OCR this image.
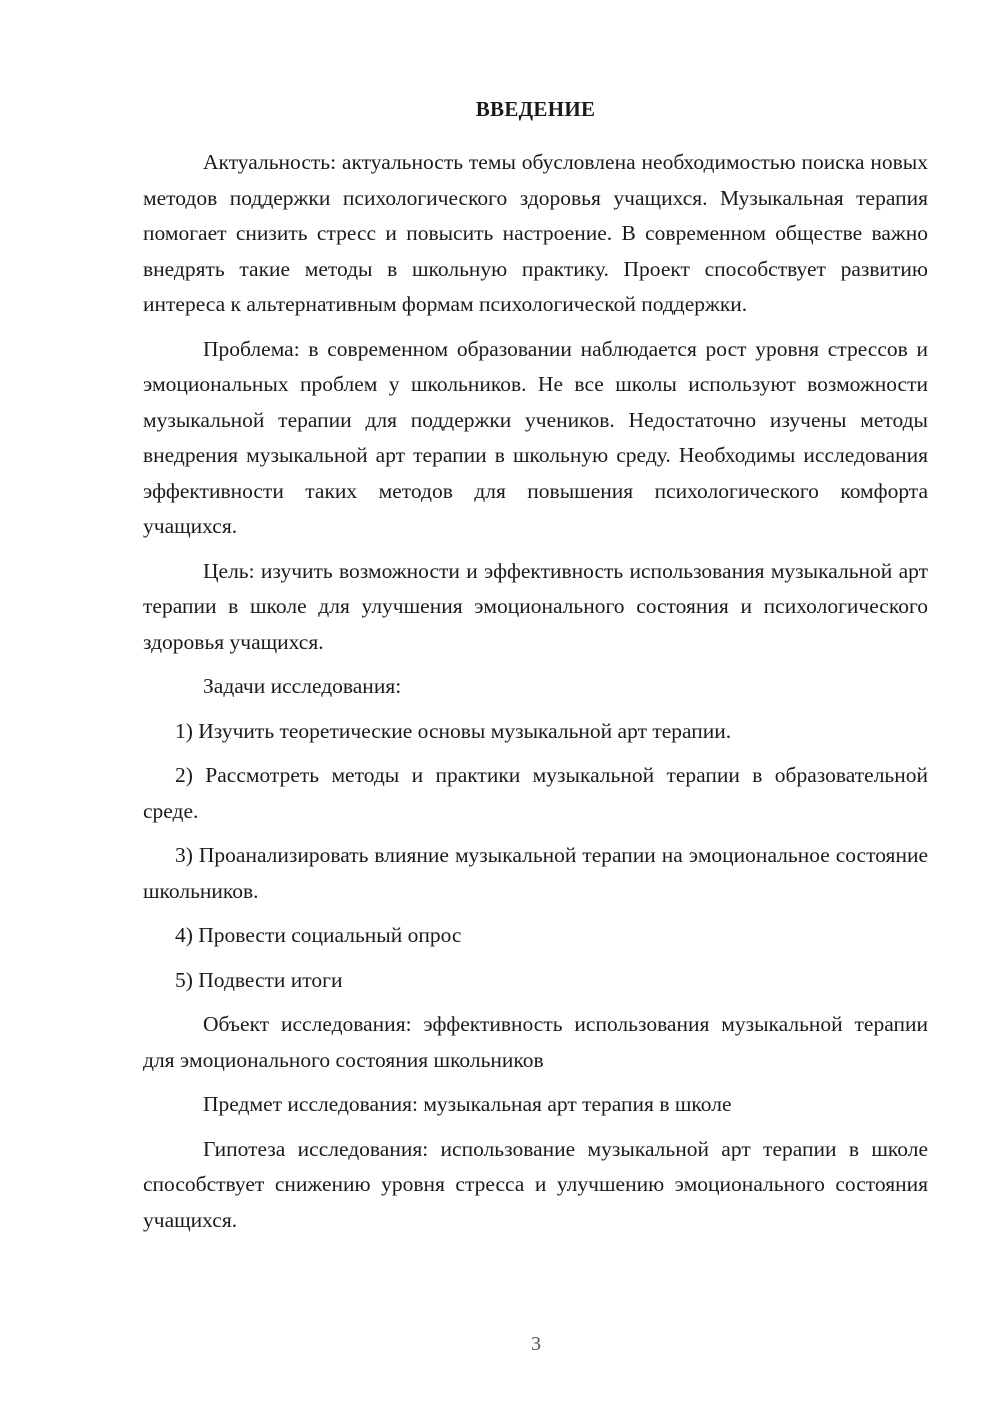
ВВЕДЕНИЕ

Актуальность: актуальность темы обусловлена необходимостью поиска новых методов поддержки психологического здоровья учащихся. Музыкальная терапия помогает снизить стресс и повысить настроение. В современном обществе важно внедрять такие методы в школьную практику. Проект способствует развитию интереса к альтернативным формам психологической поддержки.

Проблема: в современном образовании наблюдается рост уровня стрессов и эмоциональных проблем у школьников. Не все школы используют возможности музыкальной терапии для поддержки учеников. Недостаточно изучены методы внедрения музыкальной арт терапии в школьную среду. Необходимы исследования эффективности таких методов для повышения психологического комфорта учащихся.

Цель: изучить возможности и эффективность использования музыкальной арт терапии в школе для улучшения эмоционального состояния и психологического здоровья учащихся.

Задачи исследования:

1) Изучить теоретические основы музыкальной арт терапии.

2) Рассмотреть методы и практики музыкальной терапии в образовательной среде.

3) Проанализировать влияние музыкальной терапии на эмоциональное состояние школьников.

4) Провести социальный опрос

5) Подвести итоги

Объект исследования: эффективность использования музыкальной терапии для эмоционального состояния школьников

Предмет исследования: музыкальная арт терапия в школе

Гипотеза исследования: использование музыкальной арт терапии в школе способствует снижению уровня стресса и улучшению эмоционального состояния учащихся.

3
